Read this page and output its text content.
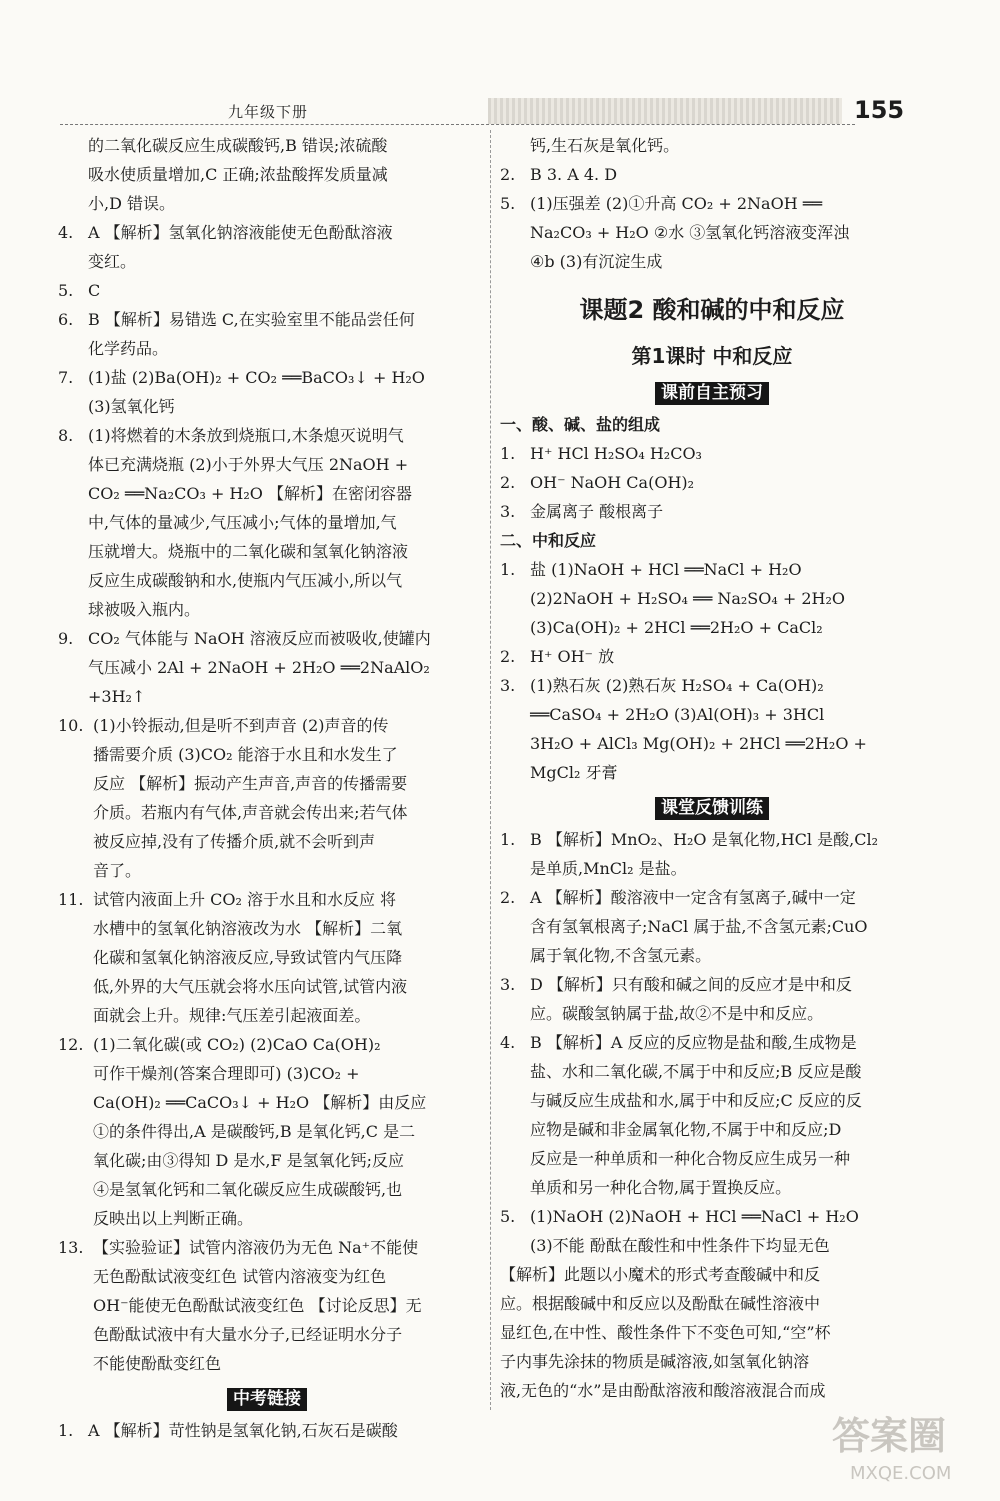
九年级下册	155
的二氧化碳反应生成碳酸钙,B 错误;浓硫酸
吸水使质量增加,C 正确;浓盐酸挥发质量减
小,D 错误。
4. A 【解析】氢氧化钠溶液能使无色酚酞溶液
变红。
5. C
6. B 【解析】易错选 C,在实验室里不能品尝任何
化学药品。
7. (1)盐 (2)Ba(OH)₂ + CO₂ ══BaCO₃↓ + H₂O
(3)氢氧化钙
8. (1)将燃着的木条放到烧瓶口,木条熄灭说明气
体已充满烧瓶 (2)小于外界大气压 2NaOH +
CO₂ ══Na₂CO₃ + H₂O 【解析】在密闭容器
中,气体的量减少,气压减小;气体的量增加,气
压就增大。烧瓶中的二氧化碳和氢氧化钠溶液
反应生成碳酸钠和水,使瓶内气压减小,所以气
球被吸入瓶内。
9. CO₂ 气体能与 NaOH 溶液反应而被吸收,使罐内
气压减小 2Al + 2NaOH + 2H₂O ══2NaAlO₂
+3H₂↑
10. (1)小铃振动,但是听不到声音 (2)声音的传
播需要介质 (3)CO₂ 能溶于水且和水发生了
反应 【解析】振动产生声音,声音的传播需要
介质。若瓶内有气体,声音就会传出来;若气体
被反应掉,没有了传播介质,就不会听到声
音了。
11. 试管内液面上升 CO₂ 溶于水且和水反应 将
水槽中的氢氧化钠溶液改为水 【解析】二氧
化碳和氢氧化钠溶液反应,导致试管内气压降
低,外界的大气压就会将水压向试管,试管内液
面就会上升。规律:气压差引起液面差。
12. (1)二氧化碳(或 CO₂) (2)CaO Ca(OH)₂
可作干燥剂(答案合理即可) (3)CO₂ +
Ca(OH)₂ ══CaCO₃↓ + H₂O 【解析】由反应
①的条件得出,A 是碳酸钙,B 是氧化钙,C 是二
氧化碳;由③得知 D 是水,F 是氢氧化钙;反应
④是氢氧化钙和二氧化碳反应生成碳酸钙,也
反映出以上判断正确。
13. 【实验验证】试管内溶液仍为无色 Na⁺不能使
无色酚酞试液变红色 试管内溶液变为红色
OH⁻能使无色酚酞试液变红色 【讨论反思】无
色酚酞试液中有大量水分子,已经证明水分子
不能使酚酞变红色
中考链接
1. A 【解析】苛性钠是氢氧化钠,石灰石是碳酸
钙,生石灰是氧化钙。
2. B 3. A 4. D
5. (1)压强差 (2)①升高 CO₂ + 2NaOH ══
Na₂CO₃ + H₂O ②水 ③氢氧化钙溶液变浑浊
④b (3)有沉淀生成
课题2 酸和碱的中和反应
第1课时 中和反应
课前自主预习
一、酸、碱、盐的组成
1. H⁺ HCl H₂SO₄ H₂CO₃
2. OH⁻ NaOH Ca(OH)₂
3. 金属离子 酸根离子
二、中和反应
1. 盐 (1)NaOH + HCl ══NaCl + H₂O
(2)2NaOH + H₂SO₄ ══ Na₂SO₄ + 2H₂O
(3)Ca(OH)₂ + 2HCl ══2H₂O + CaCl₂
2. H⁺ OH⁻ 放
3. (1)熟石灰 (2)熟石灰 H₂SO₄ + Ca(OH)₂
══CaSO₄ + 2H₂O (3)Al(OH)₃ + 3HCl
3H₂O + AlCl₃ Mg(OH)₂ + 2HCl ══2H₂O +
MgCl₂ 牙膏
课堂反馈训练
1. B 【解析】MnO₂、H₂O 是氧化物,HCl 是酸,Cl₂
是单质,MnCl₂ 是盐。
2. A 【解析】酸溶液中一定含有氢离子,碱中一定
含有氢氧根离子;NaCl 属于盐,不含氢元素;CuO
属于氧化物,不含氢元素。
3. D 【解析】只有酸和碱之间的反应才是中和反
应。碳酸氢钠属于盐,故②不是中和反应。
4. B 【解析】A 反应的反应物是盐和酸,生成物是
盐、水和二氧化碳,不属于中和反应;B 反应是酸
与碱反应生成盐和水,属于中和反应;C 反应的反
应物是碱和非金属氧化物,不属于中和反应;D
反应是一种单质和一种化合物反应生成另一种
单质和另一种化合物,属于置换反应。
5. (1)NaOH (2)NaOH + HCl ══NaCl + H₂O
(3)不能 酚酞在酸性和中性条件下均显无色
【解析】此题以小魔术的形式考查酸碱中和反
应。根据酸碱中和反应以及酚酞在碱性溶液中
显红色,在中性、酸性条件下不变色可知,“空”杯
子内事先涂抹的物质是碱溶液,如氢氧化钠溶
液,无色的“水”是由酚酞溶液和酸溶液混合而成
答案圈
MXQE.COM
